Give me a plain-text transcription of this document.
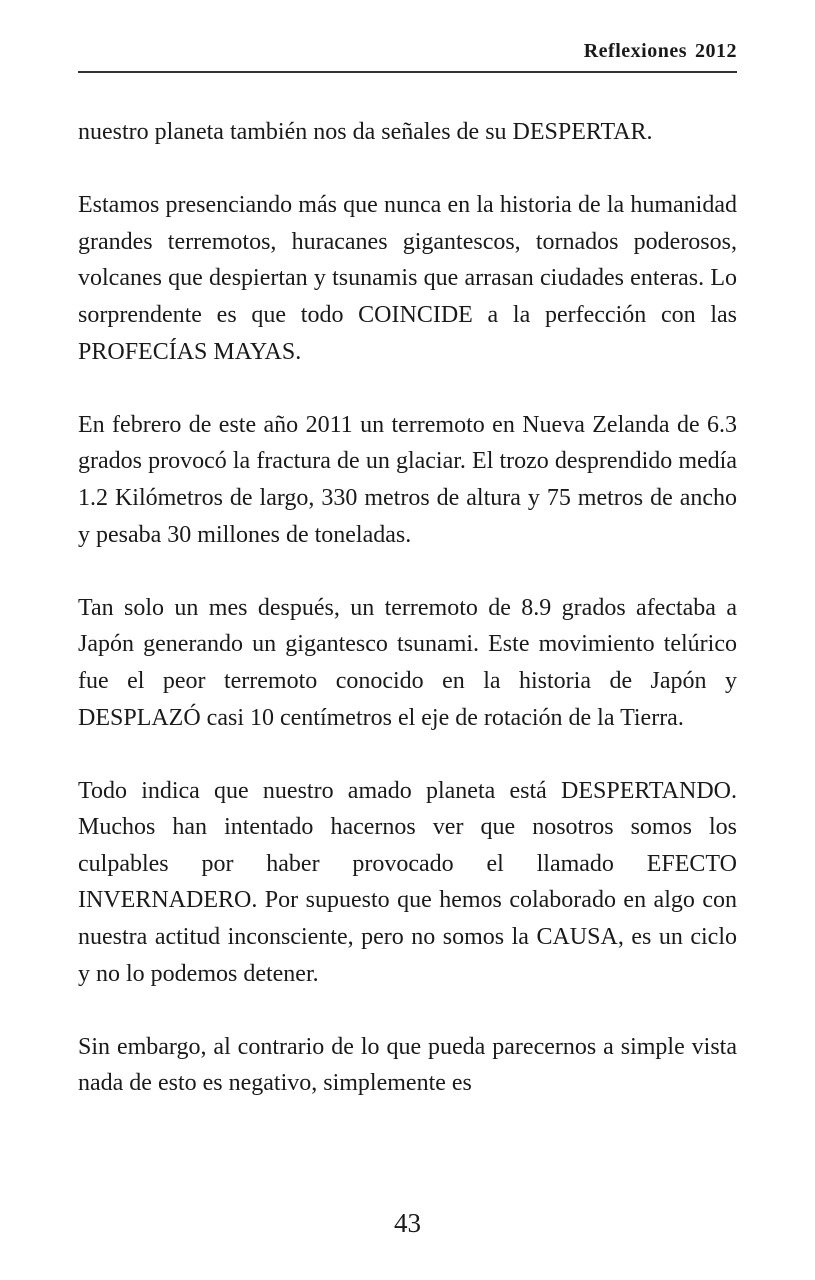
Reflexiones 2012

nuestro planeta también nos da señales de su DESPERTAR.

Estamos presenciando más que nunca en la historia de la humanidad grandes terremotos, huracanes gigantescos, tornados poderosos, volcanes que despiertan y tsunamis que arrasan ciudades enteras. Lo sorprendente es que todo COINCIDE a la perfección con las PROFECÍAS MAYAS.

En febrero de este año 2011 un terremoto en Nueva Zelanda de 6.3 grados provocó la fractura de un glaciar. El trozo desprendido medía 1.2 Kilómetros de largo, 330 metros de altura y 75 metros de ancho y pesaba 30 millones de toneladas.

Tan solo un mes después, un terremoto de 8.9 grados afectaba a Japón generando un gigantesco tsunami. Este movimiento telúrico fue el peor terremoto conocido en la historia de Japón y DESPLAZÓ casi 10 centímetros el eje de rotación de la Tierra.

Todo indica que nuestro amado planeta está DESPERTANDO. Muchos han intentado hacernos ver que nosotros somos los culpables por haber provocado el llamado EFECTO INVERNADERO. Por supuesto que hemos colaborado en algo con nuestra actitud inconsciente, pero no somos la CAUSA, es un ciclo y no lo podemos detener.

Sin embargo, al contrario de lo que pueda parecernos a simple vista nada de esto es negativo, simplemente es

43
